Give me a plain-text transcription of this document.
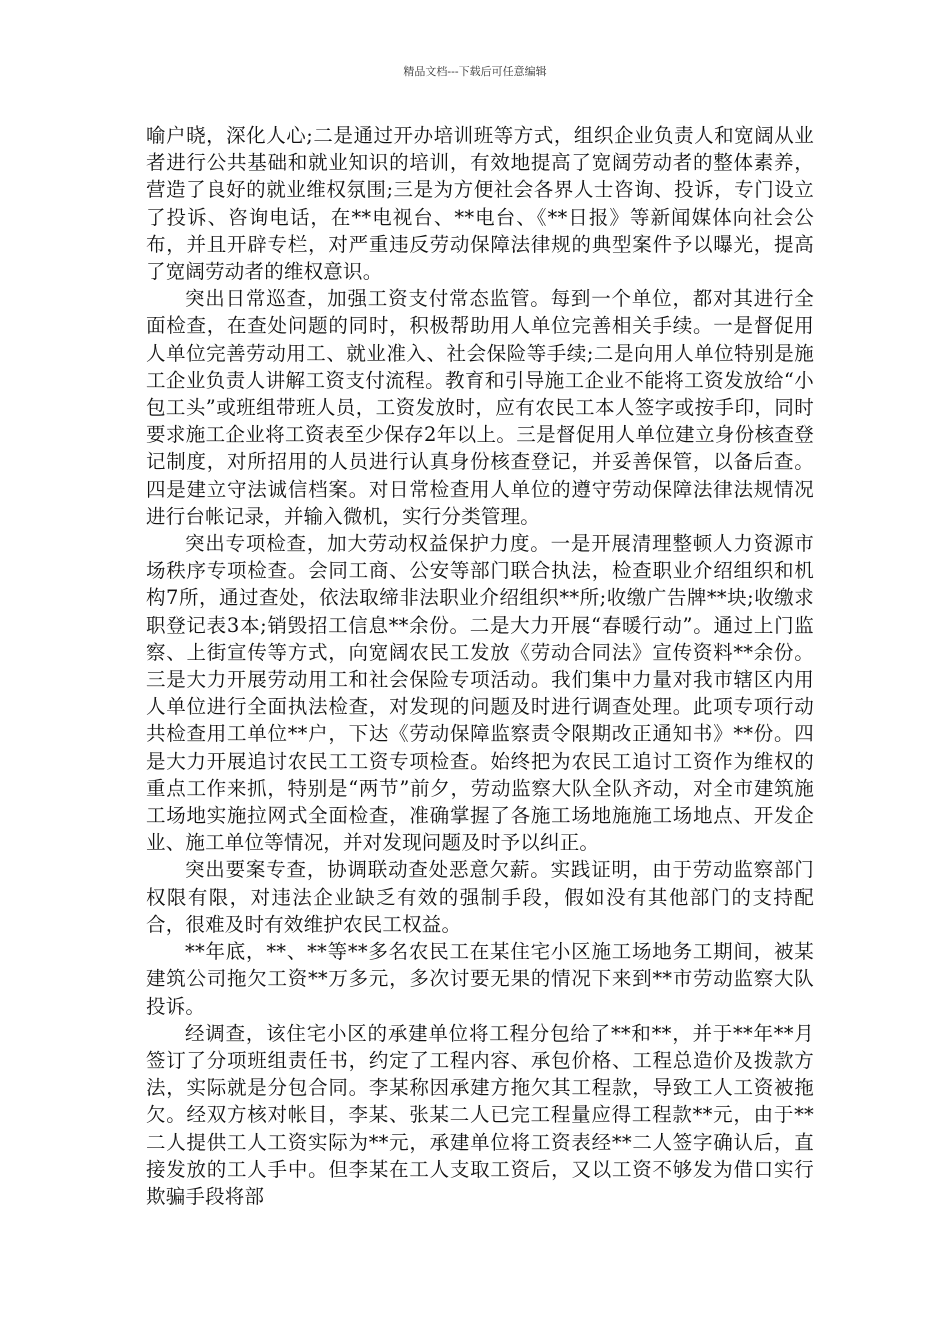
精品文档---下载后可任意编辑

喻户晓，深化人心;二是通过开办培训班等方式，组织企业负责人和宽阔从业者进行公共基础和就业知识的培训，有效地提高了宽阔劳动者的整体素养，营造了良好的就业维权氛围;三是为方便社会各界人士咨询、投诉，专门设立了投诉、咨询电话，在**电视台、**电台、《**日报》等新闻媒体向社会公布，并且开辟专栏，对严重违反劳动保障法律规的典型案件予以曝光，提高了宽阔劳动者的维权意识。

突出日常巡查，加强工资支付常态监管。每到一个单位，都对其进行全面检查，在查处问题的同时，积极帮助用人单位完善相关手续。一是督促用人单位完善劳动用工、就业准入、社会保险等手续;二是向用人单位特别是施工企业负责人讲解工资支付流程。教育和引导施工企业不能将工资发放给“小包工头”或班组带班人员，工资发放时，应有农民工本人签字或按手印，同时要求施工企业将工资表至少保存2年以上。三是督促用人单位建立身份核查登记制度，对所招用的人员进行认真身份核查登记，并妥善保管，以备后查。四是建立守法诚信档案。对日常检查用人单位的遵守劳动保障法律法规情况进行台帐记录，并输入微机，实行分类管理。

突出专项检查，加大劳动权益保护力度。一是开展清理整顿人力资源市场秩序专项检查。会同工商、公安等部门联合执法，检查职业介绍组织和机构7所，通过查处，依法取缔非法职业介绍组织**所;收缴广告牌**块;收缴求职登记表3本;销毁招工信息**余份。二是大力开展“春暖行动”。通过上门监察、上街宣传等方式，向宽阔农民工发放《劳动合同法》宣传资料**余份。三是大力开展劳动用工和社会保险专项活动。我们集中力量对我市辖区内用人单位进行全面执法检查，对发现的问题及时进行调查处理。此项专项行动共检查用工单位**户，下达《劳动保障监察责令限期改正通知书》**份。四是大力开展追讨农民工工资专项检查。始终把为农民工追讨工资作为维权的重点工作来抓，特别是“两节”前夕，劳动监察大队全队齐动，对全市建筑施工场地实施拉网式全面检查，准确掌握了各施工场地施施工场地点、开发企业、施工单位等情况，并对发现问题及时予以纠正。

突出要案专查，协调联动查处恶意欠薪。实践证明，由于劳动监察部门权限有限，对违法企业缺乏有效的强制手段，假如没有其他部门的支持配合，很难及时有效维护农民工权益。

**年底，**、**等**多名农民工在某住宅小区施工场地务工期间，被某建筑公司拖欠工资**万多元，多次讨要无果的情况下来到**市劳动监察大队投诉。

经调查，该住宅小区的承建单位将工程分包给了**和**，并于**年**月签订了分项班组责任书，约定了工程内容、承包价格、工程总造价及拨款方法，实际就是分包合同。李某称因承建方拖欠其工程款，导致工人工资被拖欠。经双方核对帐目，李某、张某二人已完工程量应得工程款**元，由于**二人提供工人工资实际为**元，承建单位将工资表经**二人签字确认后，直接发放的工人手中。但李某在工人支取工资后，又以工资不够发为借口实行欺骗手段将部
